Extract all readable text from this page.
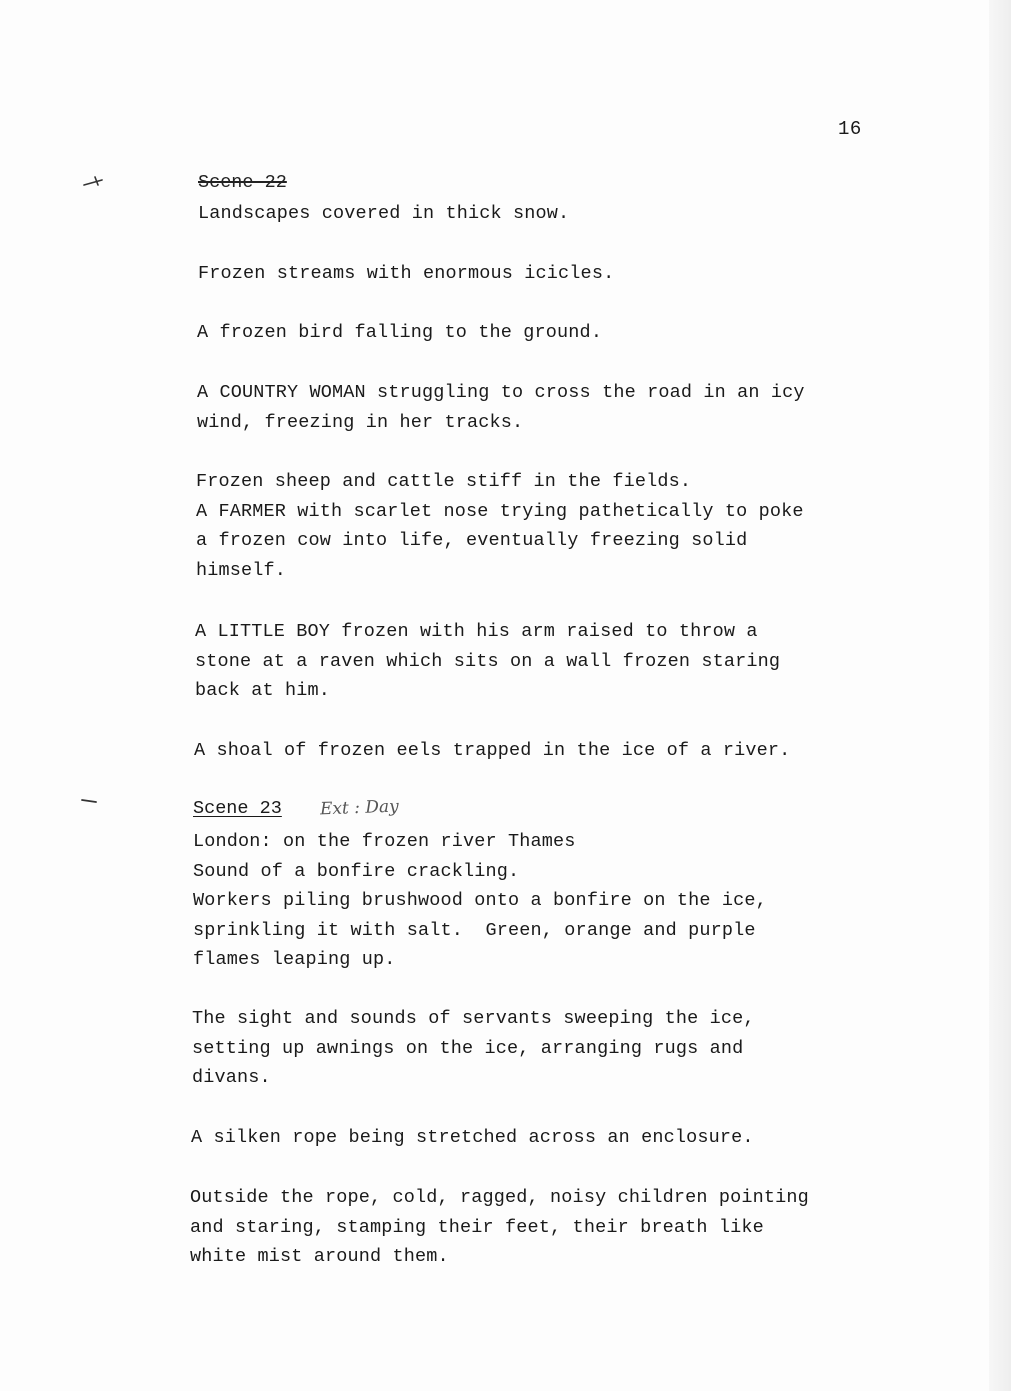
16
Scene 22

Landscapes covered in thick snow.

Frozen streams with enormous icicles.

A frozen bird falling to the ground.

A COUNTRY WOMAN struggling to cross the road in an icy
wind, freezing in her tracks.

Frozen sheep and cattle stiff in the fields.
A FARMER with scarlet nose trying pathetically to poke
a frozen cow into life, eventually freezing solid
himself.

A LITTLE BOY frozen with his arm raised to throw a
stone at a raven which sits on a wall frozen staring
back at him.

A shoal of frozen eels trapped in the ice of a river.

Scene 23 Ext : Day

London: on the frozen river Thames
Sound of a bonfire crackling.
Workers piling brushwood onto a bonfire on the ice,
sprinkling it with salt.  Green, orange and purple
flames leaping up.

The sight and sounds of servants sweeping the ice,
setting up awnings on the ice, arranging rugs and
divans.

A silken rope being stretched across an enclosure.

Outside the rope, cold, ragged, noisy children pointing
and staring, stamping their feet, their breath like
white mist around them.
